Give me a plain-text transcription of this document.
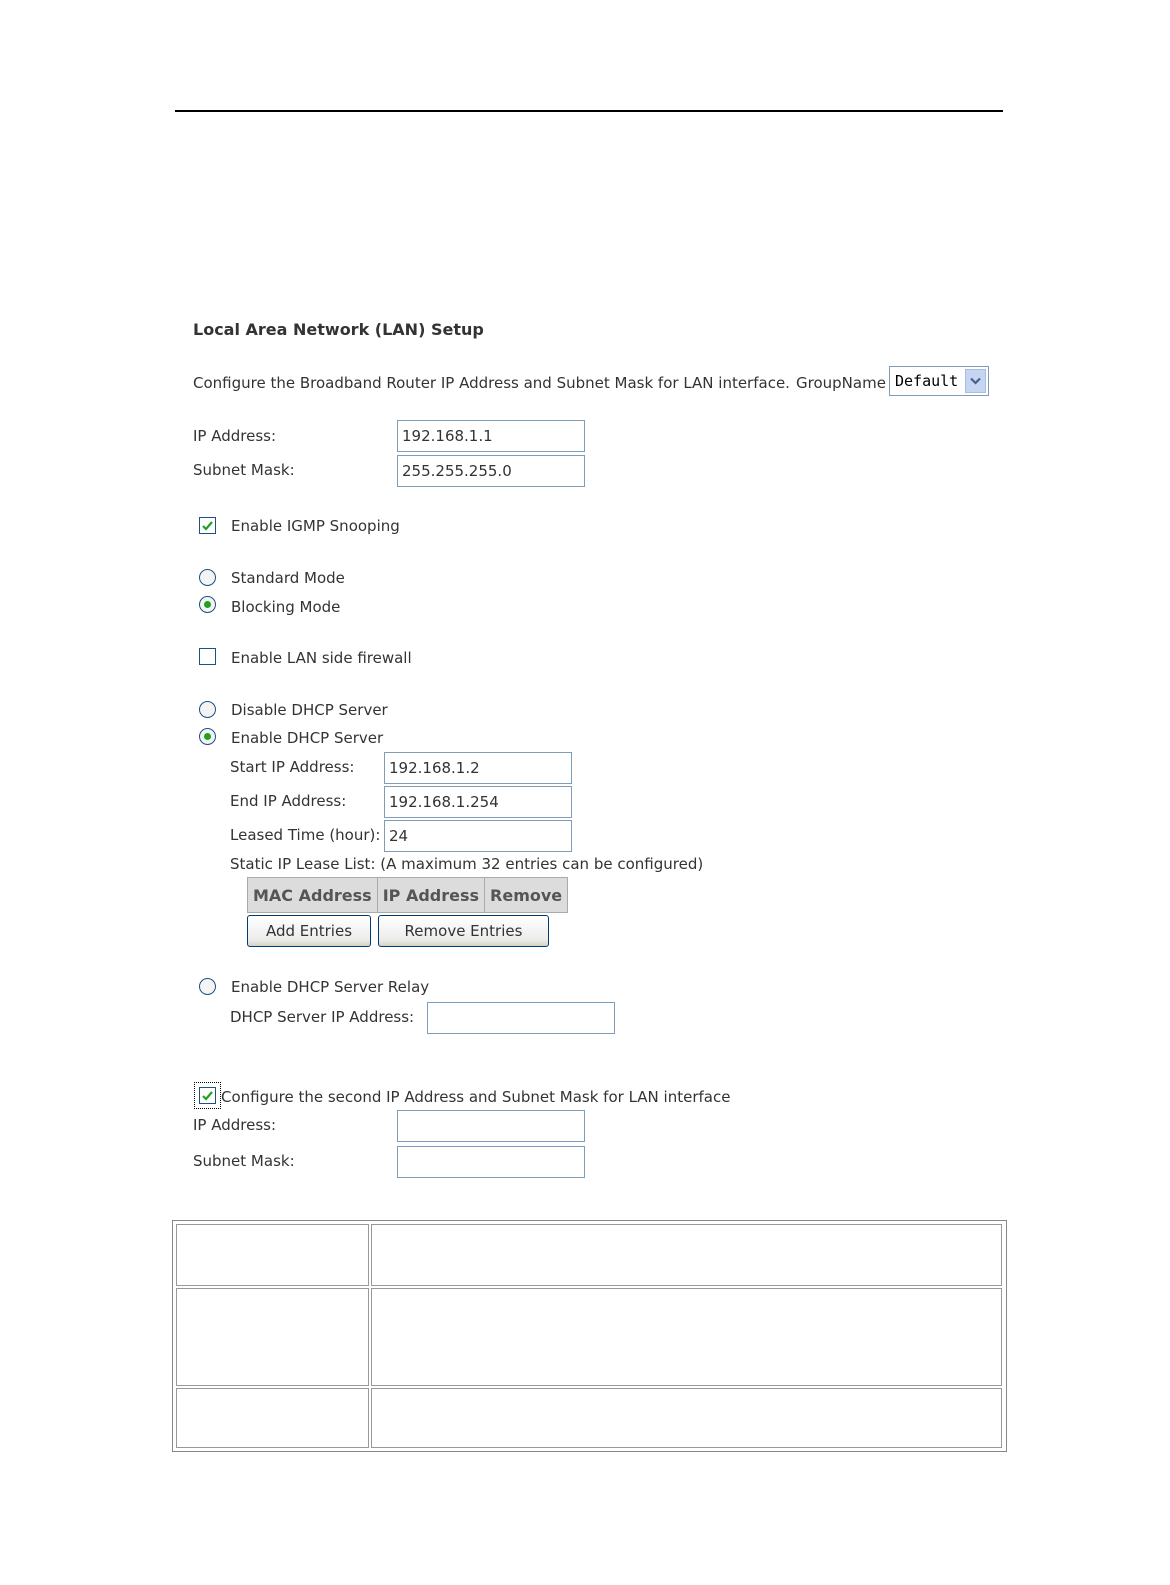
Local Area Network (LAN) Setup
Configure the Broadband Router IP Address and Subnet Mask for LAN interface. GroupName Default
IP Address:
192.168.1.1
Subnet Mask:
255.255.255.0
Enable IGMP Snooping
Standard Mode
Blocking Mode
Enable LAN side firewall
Disable DHCP Server
Enable DHCP Server
Start IP Address:
192.168.1.2
End IP Address:
192.168.1.254
Leased Time (hour):
24
Static IP Lease List: (A maximum 32 entries can be configured)
MAC Address	IP Address	Remove
Add Entries	Remove Entries
Enable DHCP Server Relay
DHCP Server IP Address:
Configure the second IP Address and Subnet Mask for LAN interface
IP Address:
Subnet Mask:
